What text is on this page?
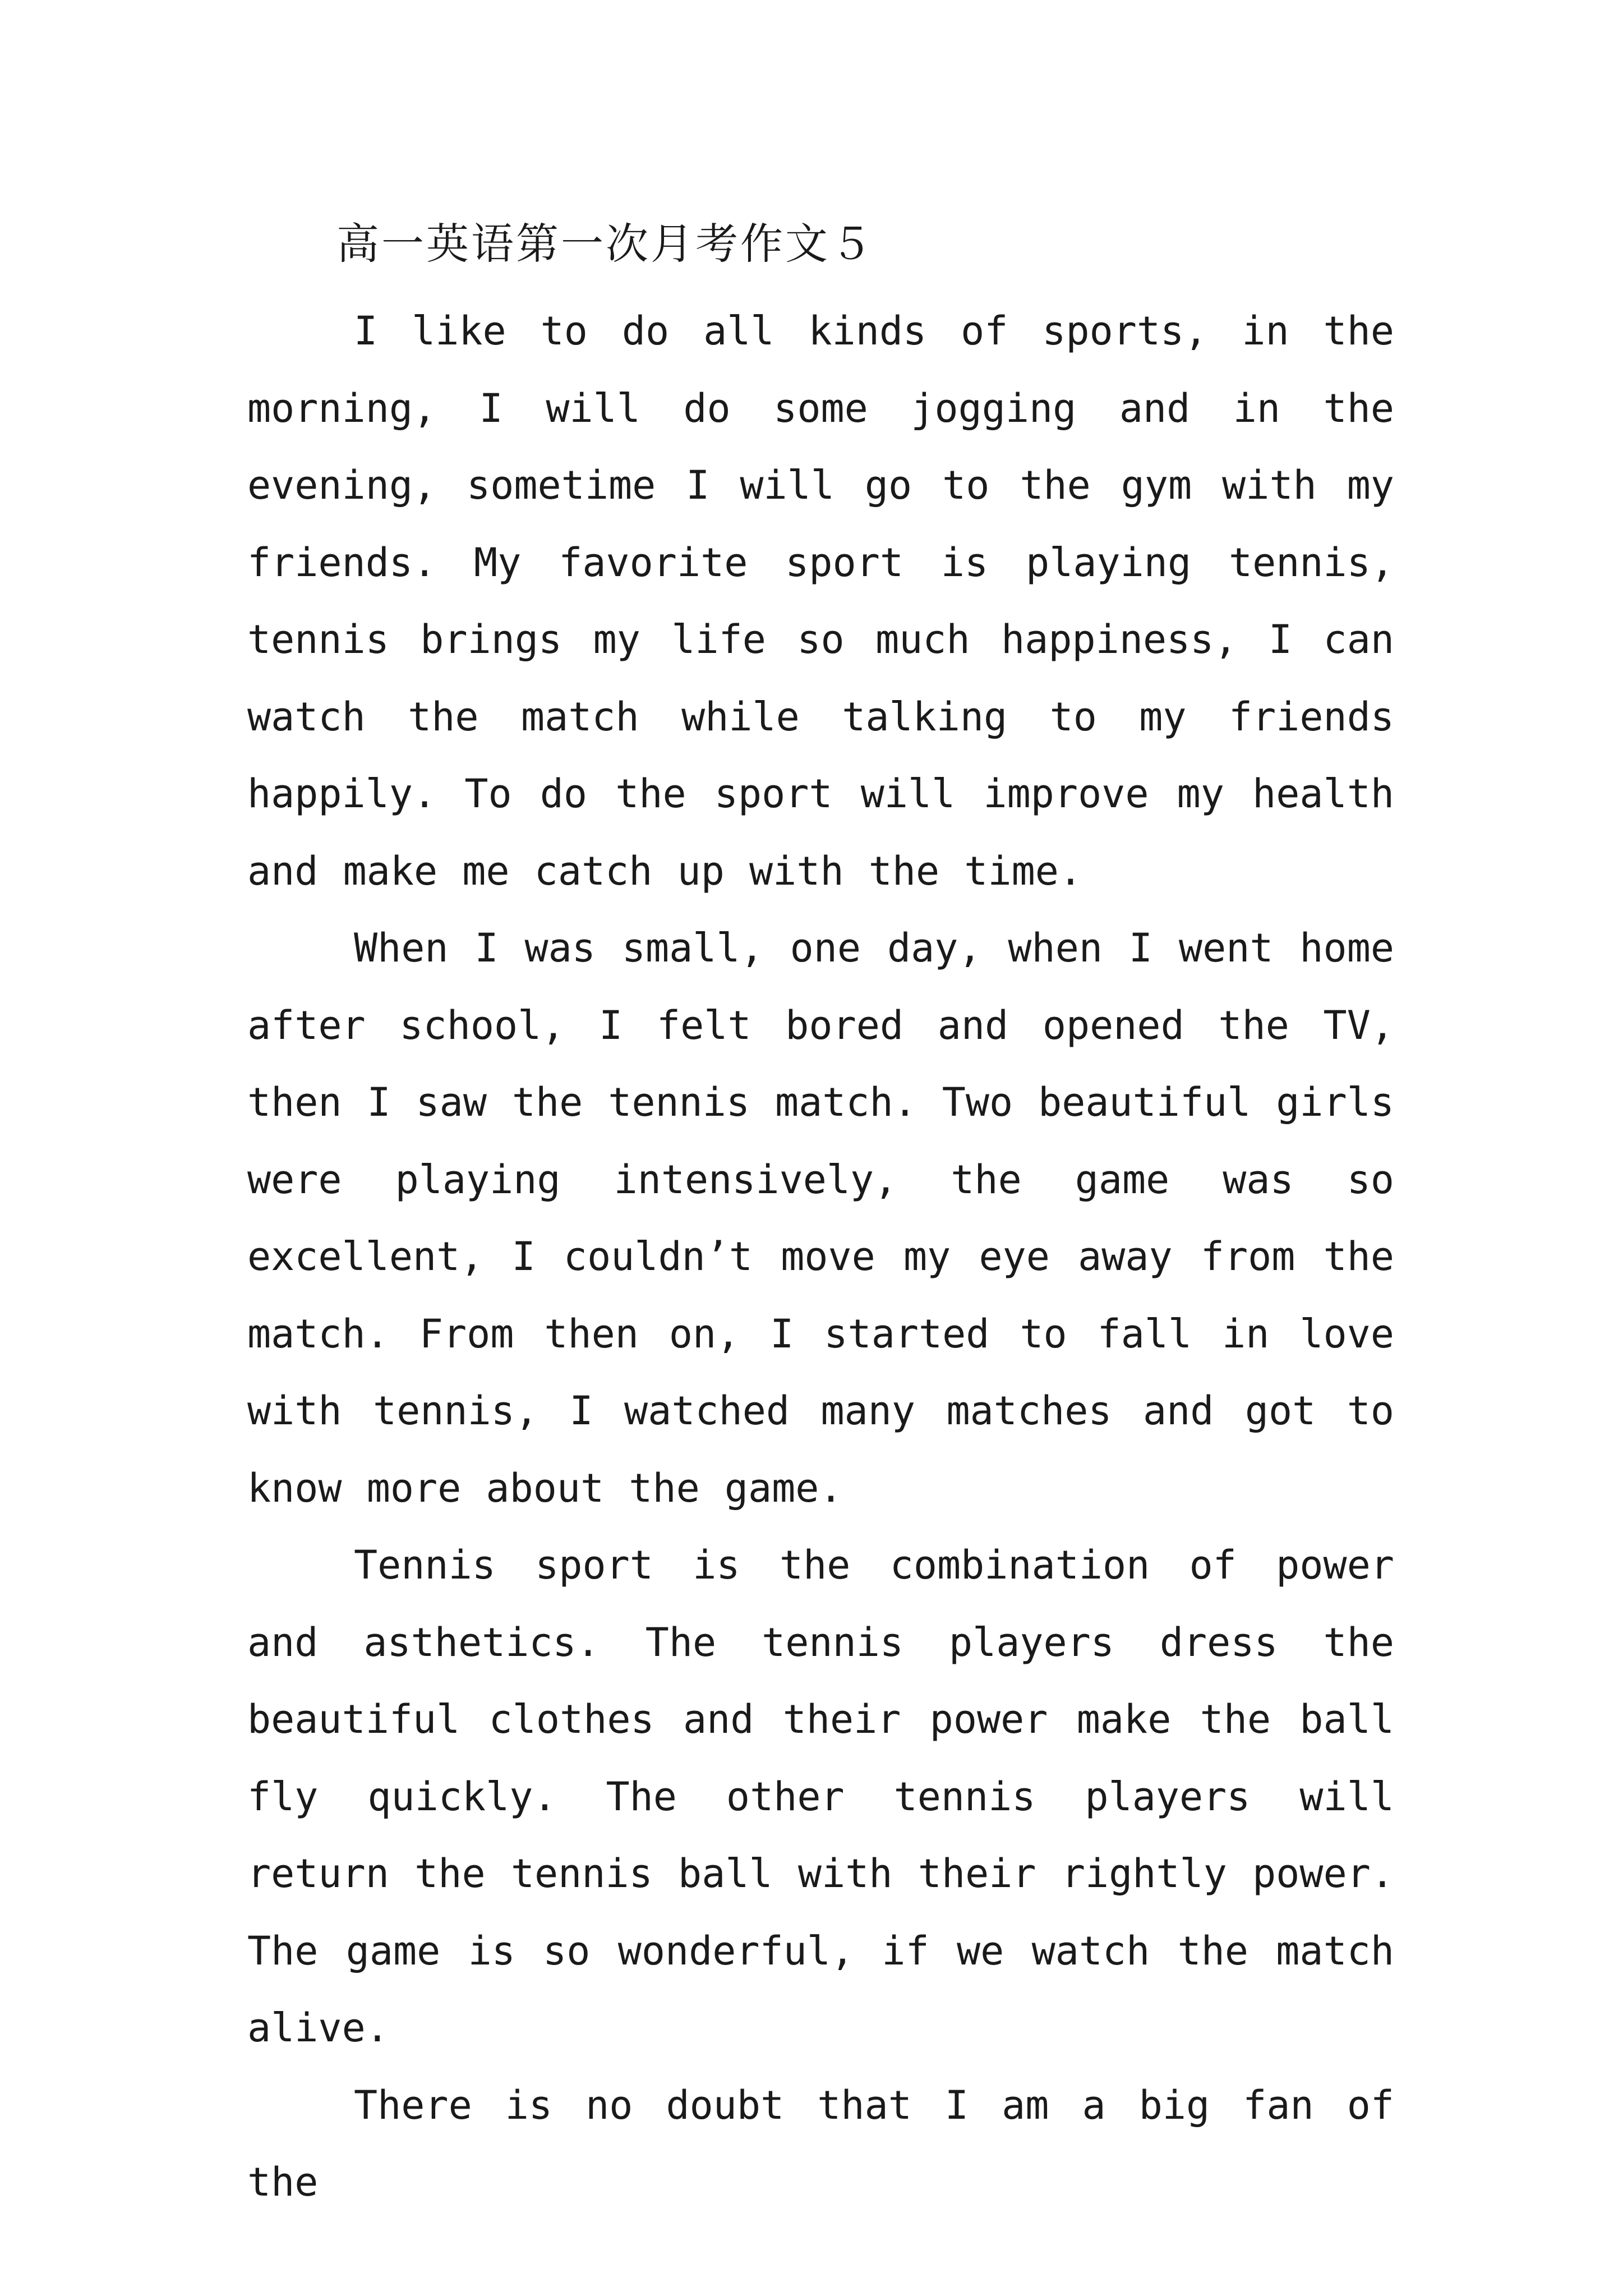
高一英语第一次月考作文５

I like to do all kinds of sports, in the morning, I will do some jogging and in the evening, sometime I will go to the gym with my friends. My favorite sport is playing tennis, tennis brings my life so much happiness, I can watch the match while talking to my friends happily. To do the sport will improve my health and make me catch up with the time.

When I was small, one day, when I went home after school, I felt bored and opened the TV, then I saw the tennis match. Two beautiful girls were playing intensively, the game was so excellent, I couldn’t move my eye away from the match. From then on, I started to fall in love with tennis, I watched many matches and got to know more about the game.

Tennis sport is the combination of power and asthetics. The tennis players dress the beautiful clothes and their power make the ball fly quickly. The other tennis players will return the tennis ball with their rightly power. The game is so wonderful, if we watch the match alive.

There is no doubt that I am a big fan of the
